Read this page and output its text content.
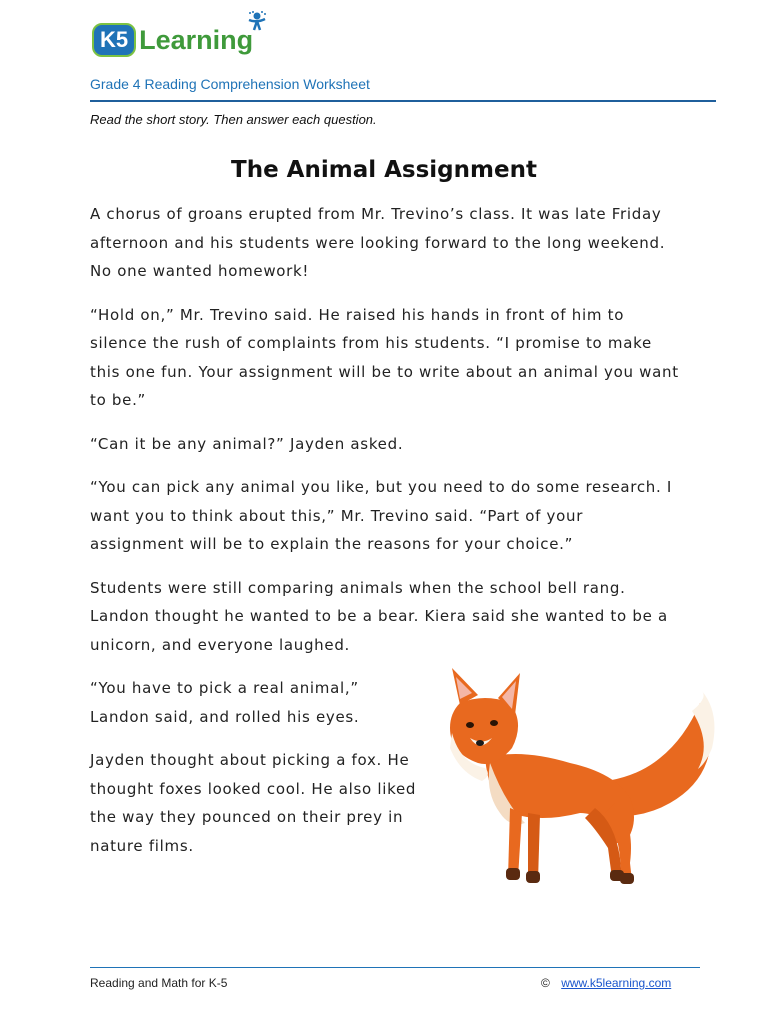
K5 Learning
Grade 4 Reading Comprehension Worksheet
Read the short story. Then answer each question.
The Animal Assignment

A chorus of groans erupted from Mr. Trevino’s class. It was late Friday afternoon and his students were looking forward to the long weekend. No one wanted homework!

“Hold on,” Mr. Trevino said. He raised his hands in front of him to silence the rush of complaints from his students. “I promise to make this one fun. Your assignment will be to write about an animal you want to be.”

“Can it be any animal?” Jayden asked.

“You can pick any animal you like, but you need to do some research. I want you to think about this,” Mr. Trevino said. “Part of your assignment will be to explain the reasons for your choice.”

Students were still comparing animals when the school bell rang. Landon thought he wanted to be a bear. Kiera said she wanted to be a unicorn, and everyone laughed.

“You have to pick a real animal,” Landon said, and rolled his eyes.

Jayden thought about picking a fox. He thought foxes looked cool. He also liked the way they pounced on their prey in nature films.

Reading and Math for K-5	© www.k5learning.com
